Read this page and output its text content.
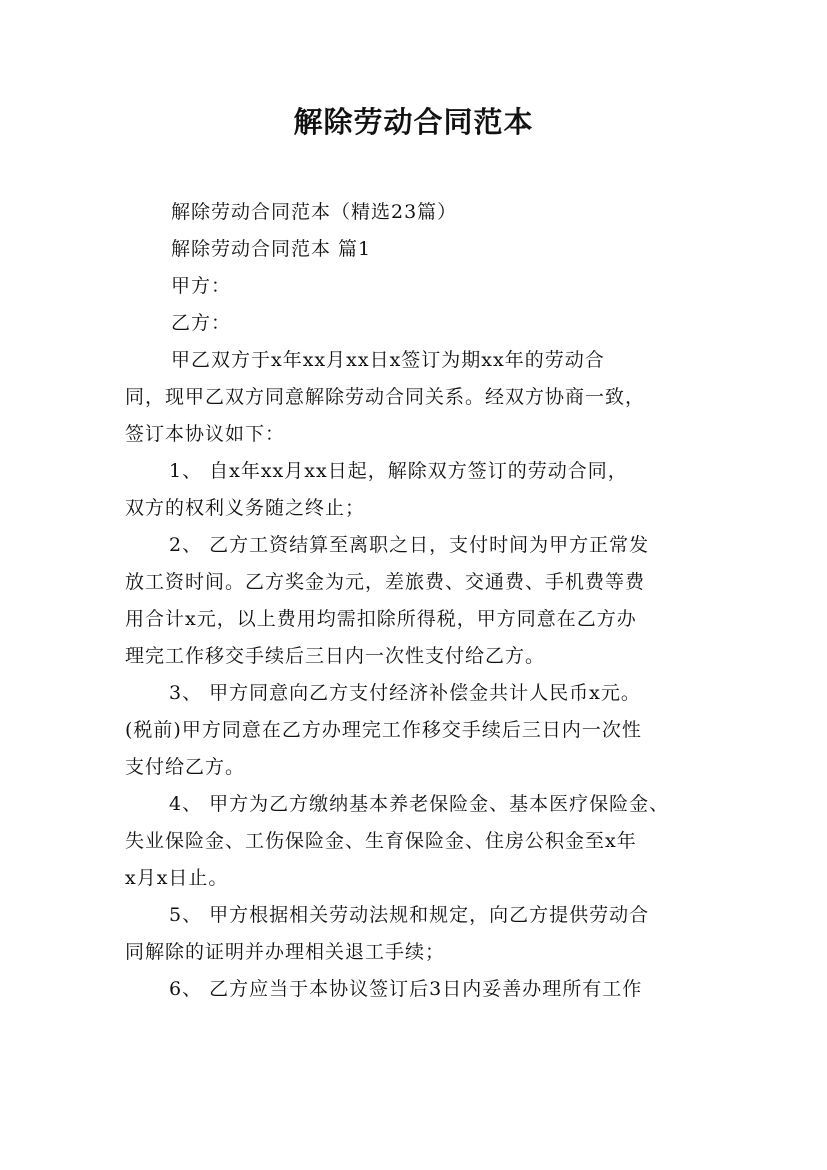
解除劳动合同范本
解除劳动合同范本（精选23篇）
解除劳动合同范本 篇1
甲方：
乙方：
甲乙双方于x年xx月xx日x签订为期xx年的劳动合
同，现甲乙双方同意解除劳动合同关系。经双方协商一致，
签订本协议如下：
1、 自x年xx月xx日起，解除双方签订的劳动合同，
双方的权利义务随之终止；
2、 乙方工资结算至离职之日，支付时间为甲方正常发
放工资时间。乙方奖金为元，差旅费、交通费、手机费等费
用合计x元，以上费用均需扣除所得税，甲方同意在乙方办
理完工作移交手续后三日内一次性支付给乙方。
3、 甲方同意向乙方支付经济补偿金共计人民币x元。
(税前)甲方同意在乙方办理完工作移交手续后三日内一次性
支付给乙方。
4、 甲方为乙方缴纳基本养老保险金、基本医疗保险金、
失业保险金、工伤保险金、生育保险金、住房公积金至x年
x月x日止。
5、 甲方根据相关劳动法规和规定，向乙方提供劳动合
同解除的证明并办理相关退工手续；
6、 乙方应当于本协议签订后3日内妥善办理所有工作
